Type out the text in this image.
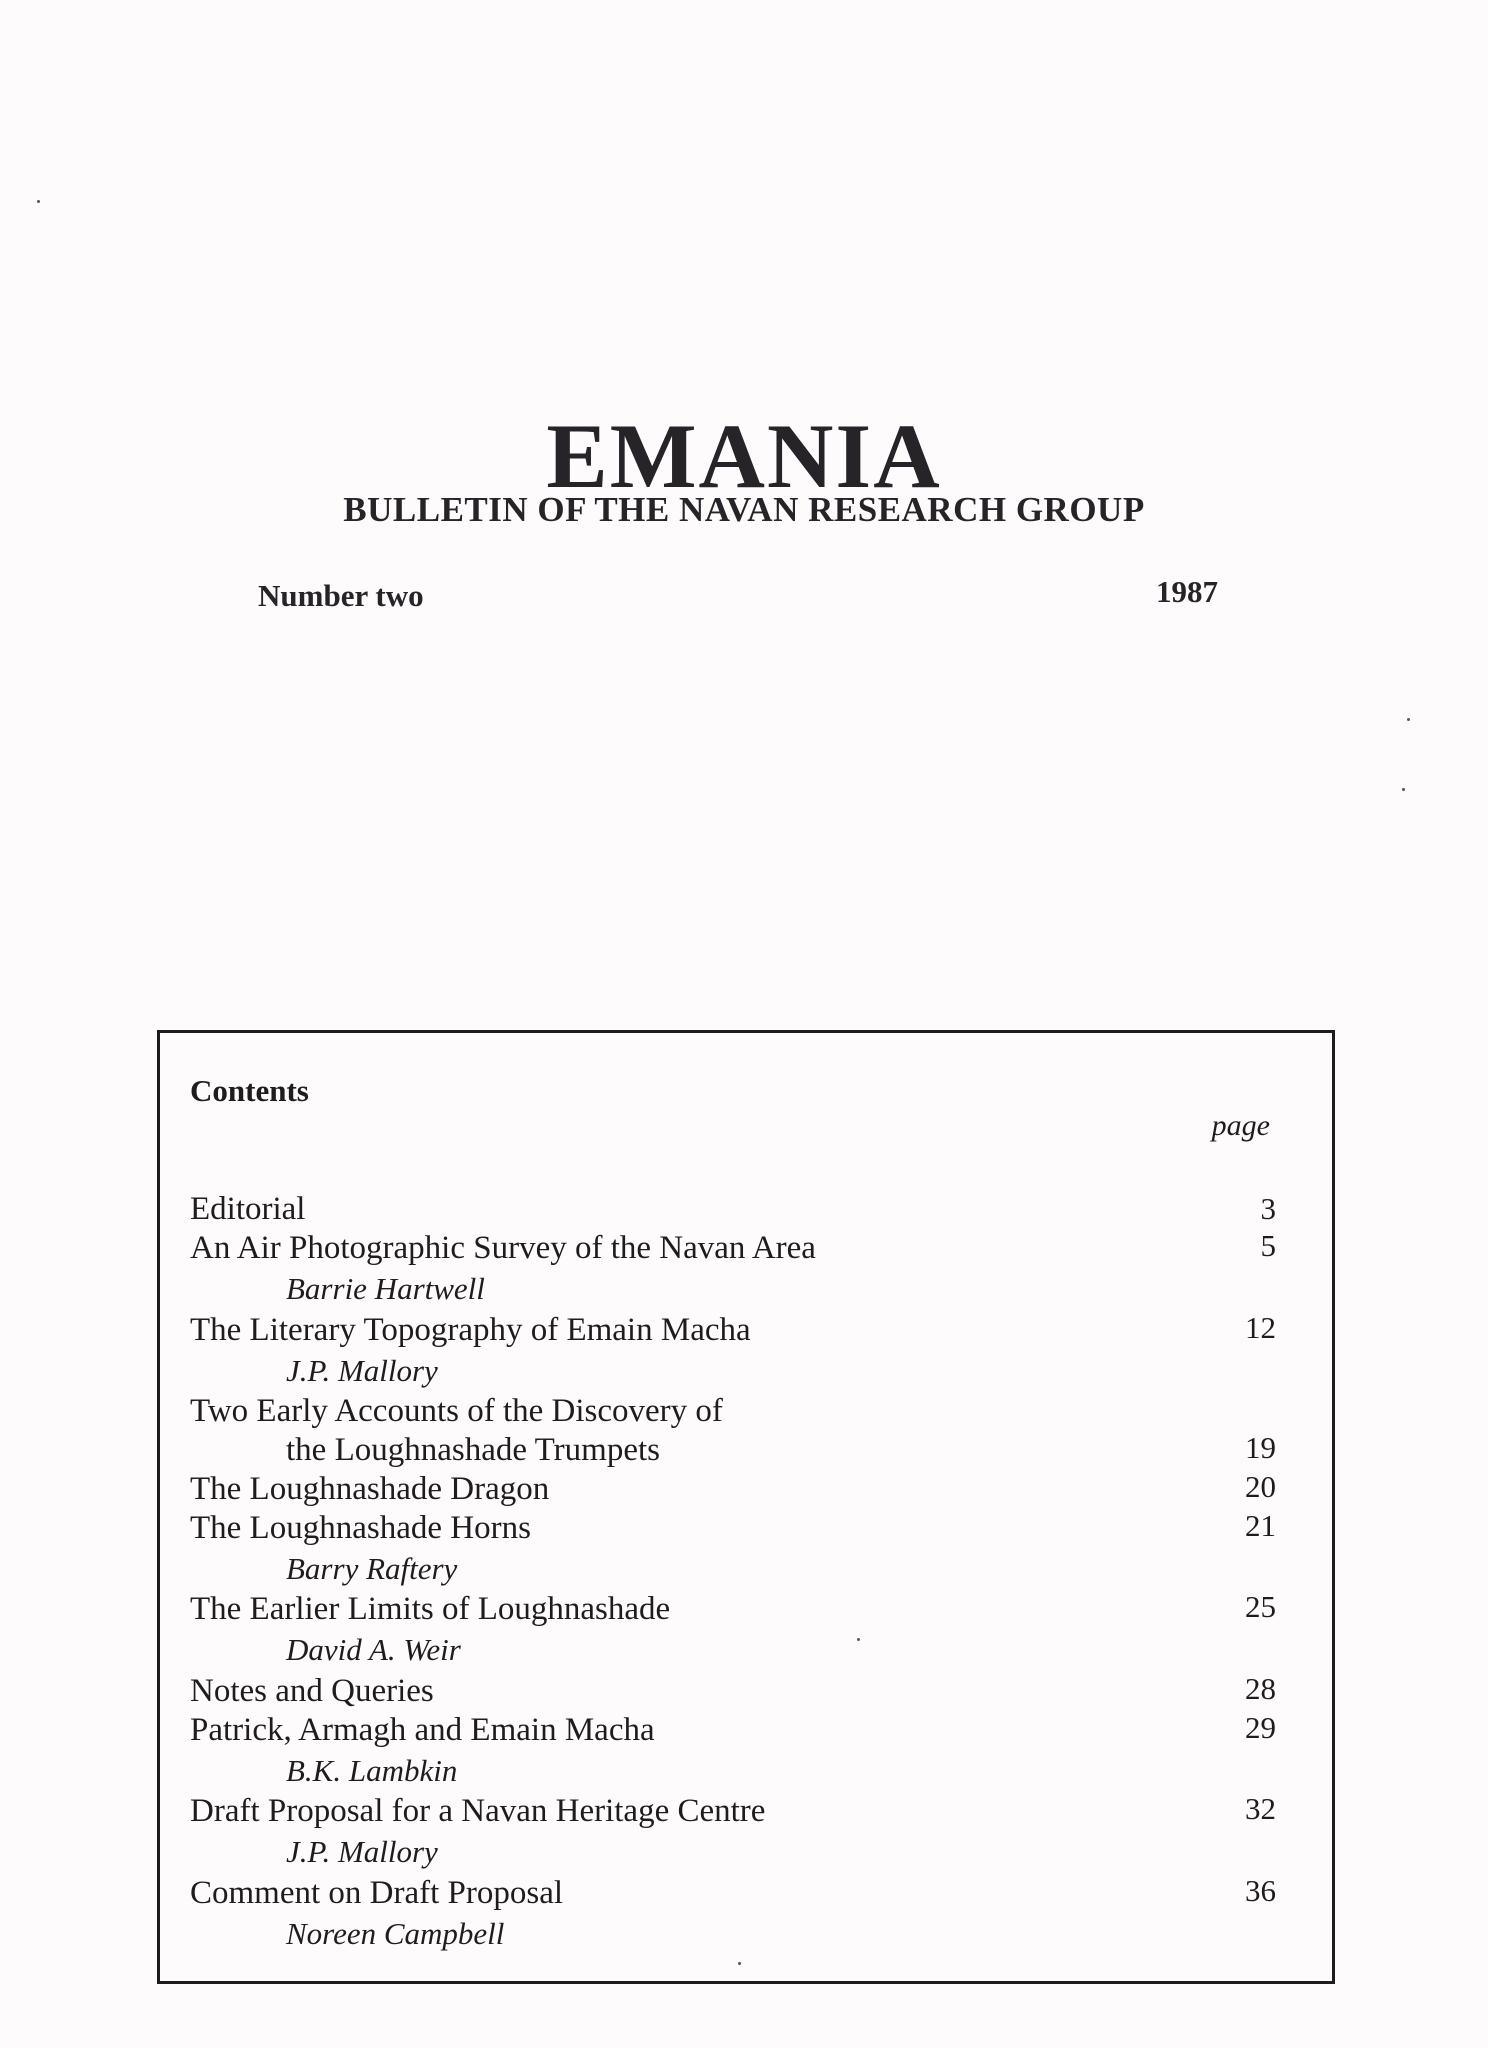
EMANIA
BULLETIN OF THE NAVAN RESEARCH GROUP
Number two	1987
Contents
page
Editorial	3
An Air Photographic Survey of the Navan Area	5
Barrie Hartwell
The Literary Topography of Emain Macha	12
J.P. Mallory
Two Early Accounts of the Discovery of
the Loughnashade Trumpets	19
The Loughnashade Dragon	20
The Loughnashade Horns	21
Barry Raftery
The Earlier Limits of Loughnashade	25
David A. Weir
Notes and Queries	28
Patrick, Armagh and Emain Macha	29
B.K. Lambkin
Draft Proposal for a Navan Heritage Centre	32
J.P. Mallory
Comment on Draft Proposal	36
Noreen Campbell
